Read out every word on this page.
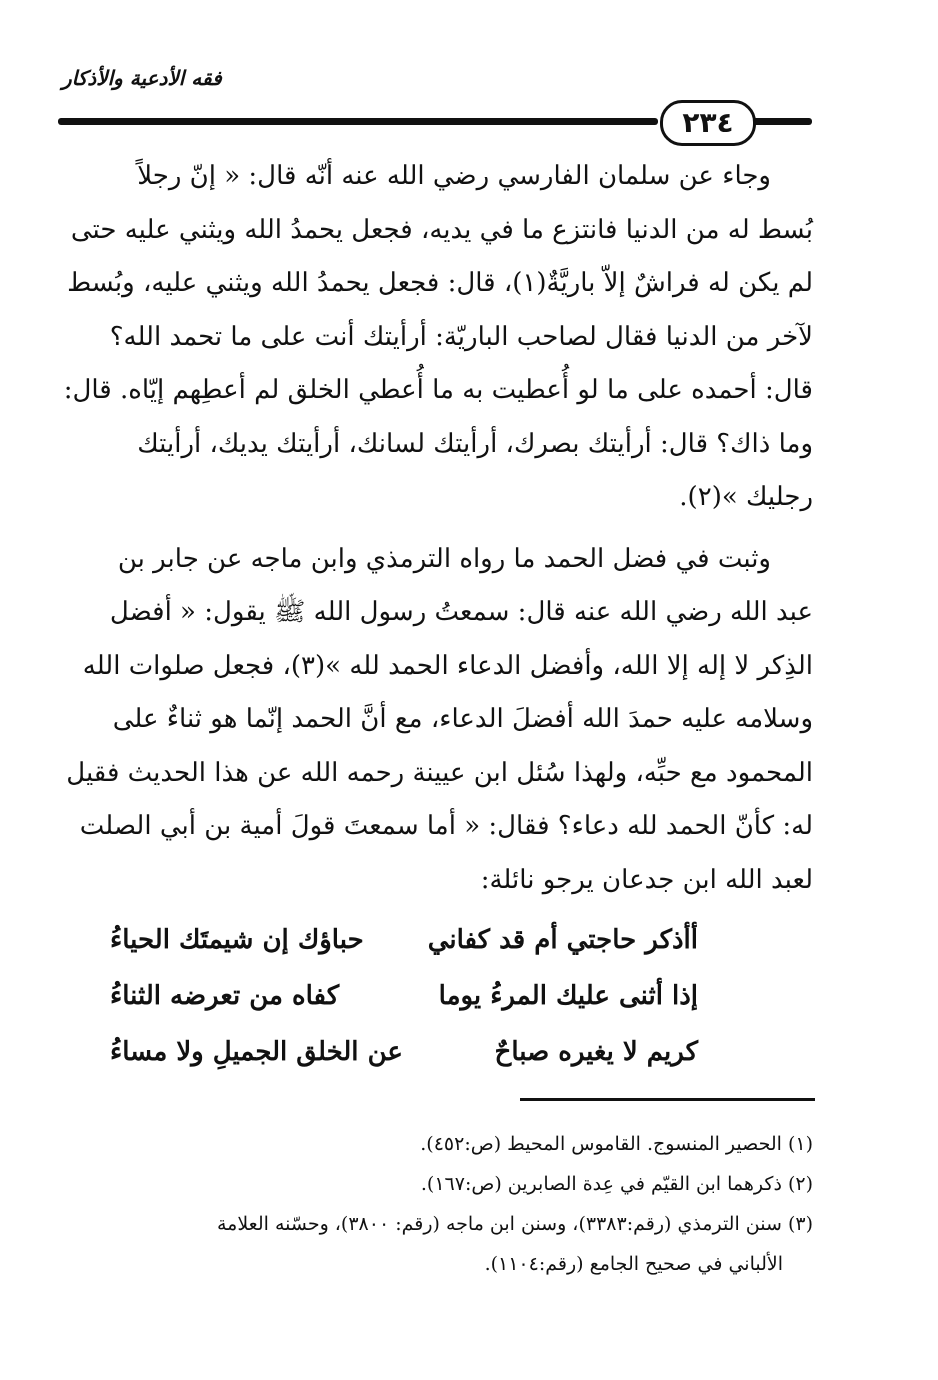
فقه الأدعية والأذكار
٢٣٤

وجاء عن سلمان الفارسي رضي الله عنه أنّه قال: « إنّ رجلاً

بُسط له من الدنيا فانتزع ما في يديه، فجعل يحمدُ الله ويثني عليه حتى

لم يكن له فراشٌ إلاّ باريَّةٌ(١)، قال: فجعل يحمدُ الله ويثني عليه، وبُسط

لآخر من الدنيا فقال لصاحب الباريّة: أرأيتك أنت على ما تحمد الله؟

قال: أحمده على ما لو أُعطيت به ما أُعطي الخلق لم أعطِهم إيّاه. قال:

وما ذاك؟ قال: أرأيتك بصرك، أرأيتك لسانك، أرأيتك يديك، أرأيتك

رجليك »(٢).

وثبت في فضل الحمد ما رواه الترمذي وابن ماجه عن جابر بن

عبد الله رضي الله عنه قال: سمعتُ رسول الله ﷺ يقول: « أفضل

الذِكر لا إله إلا الله، وأفضل الدعاء الحمد لله »(٣)، فجعل صلوات الله

وسلامه عليه حمدَ الله أفضلَ الدعاء، مع أنَّ الحمد إنّما هو ثناءٌ على

المحمود مع حبِّه، ولهذا سُئل ابن عيينة رحمه الله عن هذا الحديث فقيل

له: كأنّ الحمد لله دعاء؟ فقال: « أما سمعتَ قولَ أمية بن أبي الصلت

لعبد الله ابن جدعان يرجو نائلة:

أأذكر حاجتي أم قد كفاني
حباؤك إن شيمتَك الحياءُ
إذا أثنى عليك المرءُ يوما
كفاه من تعرضه الثناءُ
كريم لا يغيره صباحٌ
عن الخلق الجميلِ ولا مساءُ

(١) الحصير المنسوج. القاموس المحيط (ص:٤٥٢).

(٢) ذكرهما ابن القيّم في عِدة الصابرين (ص:١٦٧).

(٣) سنن الترمذي (رقم:٣٣٨٣)، وسنن ابن ماجه (رقم: ٣٨٠٠)، وحسّنه العلامة

الألباني في صحيح الجامع (رقم:١١٠٤).
